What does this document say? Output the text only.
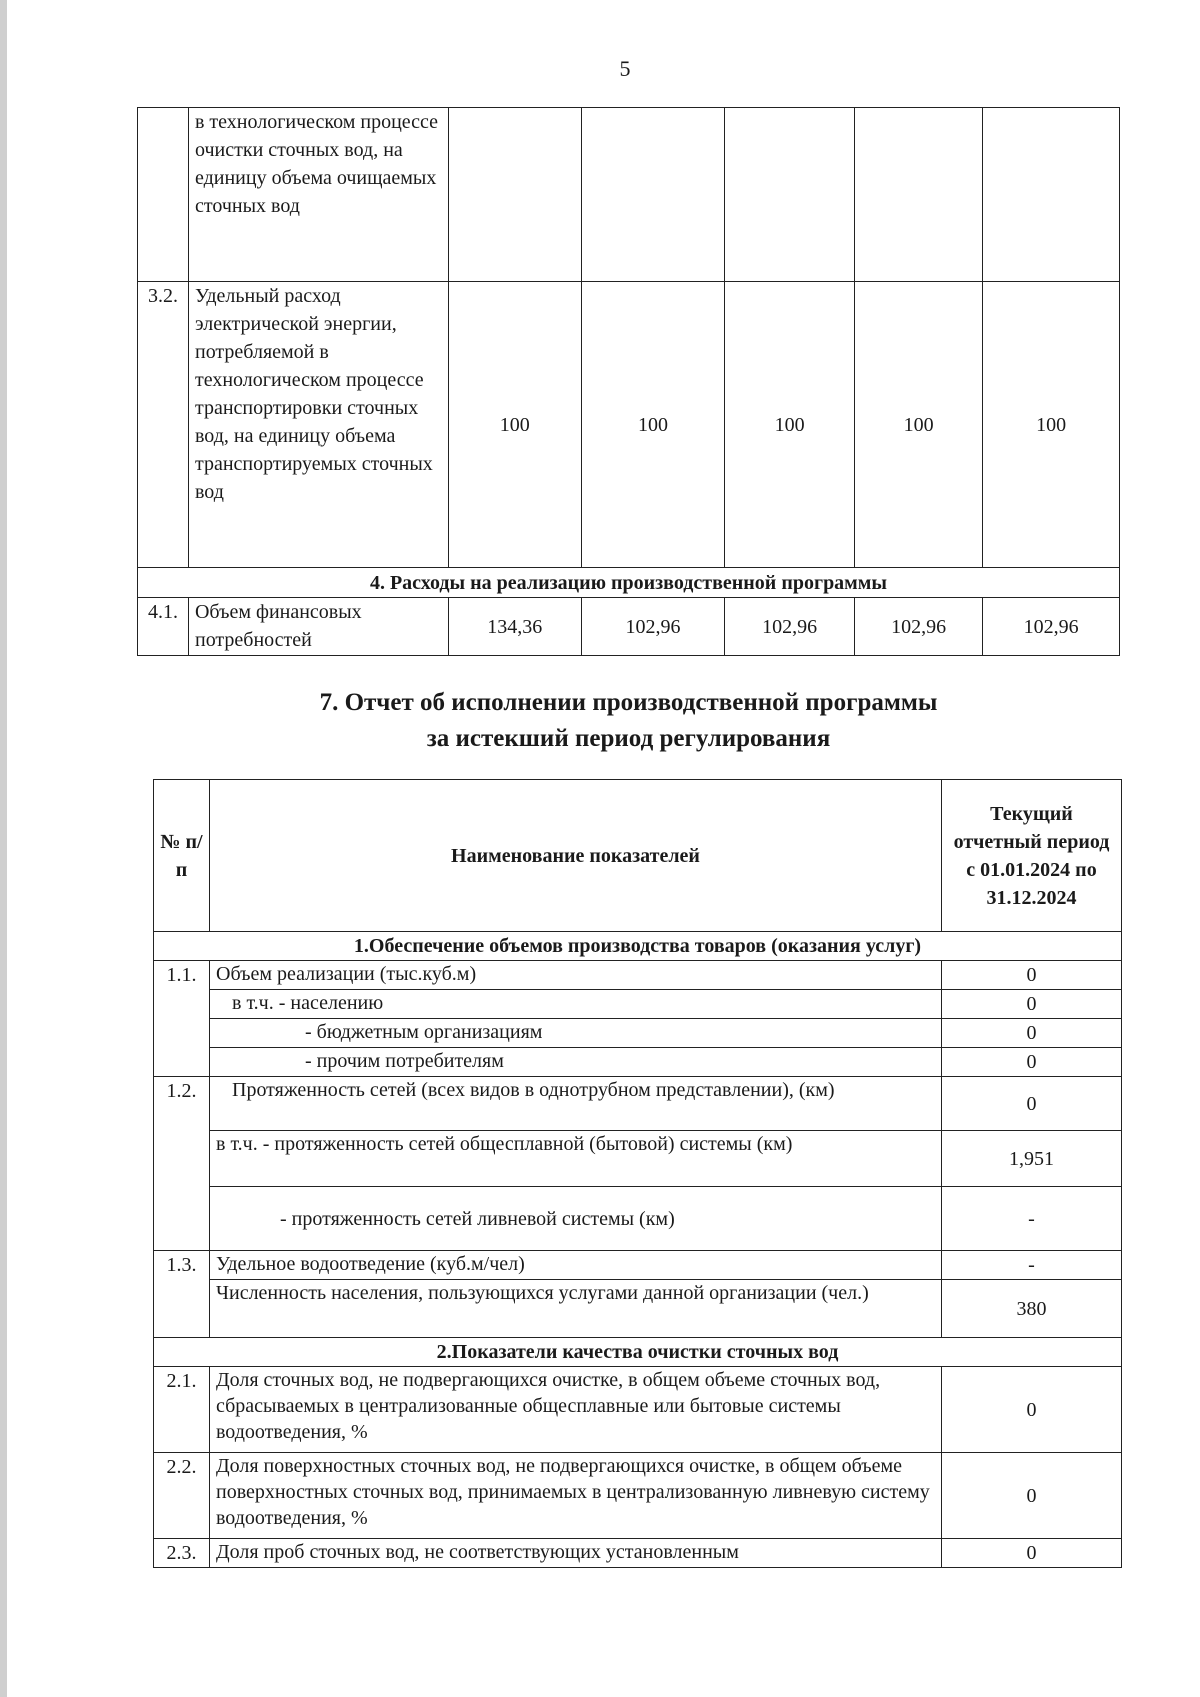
5
	в технологическом процессе очистки сточных вод, на единицу объема очищаемых сточных вод					
3.2.	Удельный расход электрической энергии, потребляемой в технологическом процессе транспортировки сточных вод, на единицу объема транспортируемых сточных вод	100	100	100	100	100
4. Расходы на реализацию производственной программы						
4.1.	Объем финансовых потребностей	134,36	102,96	102,96	102,96	102,96
7. Отчет об исполнении производственной программы
за истекший период регулирования
№ п/п	Наименование показателей	Текущий отчетный период с 01.01.2024 по 31.12.2024
1.Обеспечение объемов производства товаров (оказания услуг)		
1.1.	Объем реализации (тыс.куб.м)	0
	в т.ч. - населению	0
	- бюджетным организациям	0
	- прочим потребителям	0
1.2.	Протяженность сетей (всех видов в однотрубном представлении), (км)	0
	в т.ч. - протяженность сетей общесплавной (бытовой) системы (км)	1,951
	- протяженность сетей ливневой системы (км)	-
1.3.	Удельное водоотведение (куб.м/чел)	-
	Численность населения, пользующихся услугами данной организации (чел.)	380
2.Показатели качества очистки сточных вод		
2.1.	Доля сточных вод, не подвергающихся очистке, в общем объеме сточных вод, сбрасываемых в централизованные общесплавные или бытовые системы водоотведения, %	0
2.2.	Доля поверхностных сточных вод, не подвергающихся очистке, в общем объеме поверхностных сточных вод, принимаемых в централизованную ливневую систему водоотведения, %	0
2.3.	Доля проб сточных вод, не соответствующих установленным	0
